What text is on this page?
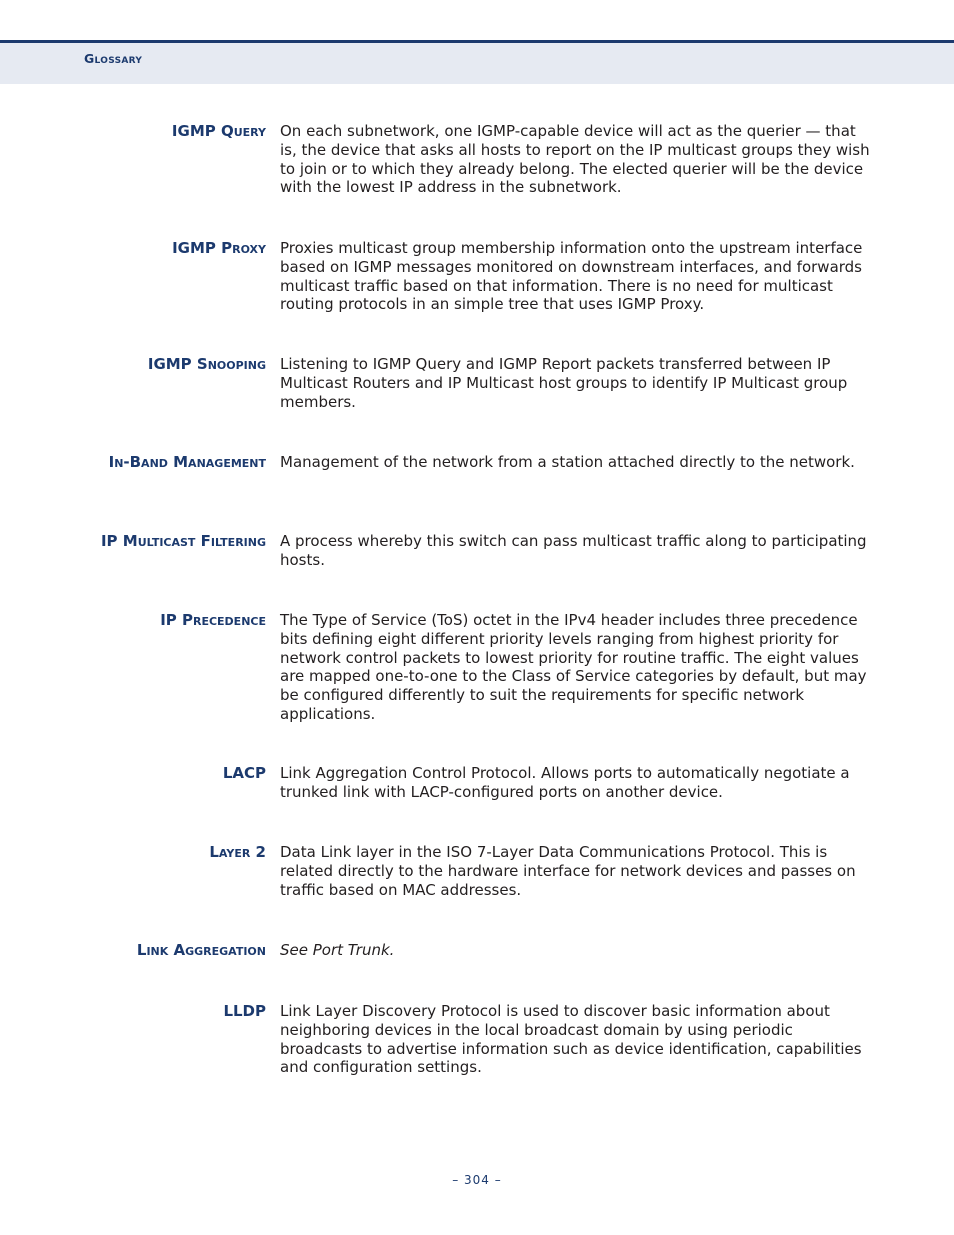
Glossary
IGMP Query On each subnetwork, one IGMP-capable device will act as the querier — that is, the device that asks all hosts to report on the IP multicast groups they wish to join or to which they already belong. The elected querier will be the device with the lowest IP address in the subnetwork.
IGMP Proxy Proxies multicast group membership information onto the upstream interface based on IGMP messages monitored on downstream interfaces, and forwards multicast traffic based on that information. There is no need for multicast routing protocols in an simple tree that uses IGMP Proxy.
IGMP Snooping Listening to IGMP Query and IGMP Report packets transferred between IP Multicast Routers and IP Multicast host groups to identify IP Multicast group members.
In-Band Management Management of the network from a station attached directly to the network.
IP Multicast Filtering A process whereby this switch can pass multicast traffic along to participating hosts.
IP Precedence The Type of Service (ToS) octet in the IPv4 header includes three precedence bits defining eight different priority levels ranging from highest priority for network control packets to lowest priority for routine traffic. The eight values are mapped one-to-one to the Class of Service categories by default, but may be configured differently to suit the requirements for specific network applications.
LACP Link Aggregation Control Protocol. Allows ports to automatically negotiate a trunked link with LACP-configured ports on another device.
Layer 2 Data Link layer in the ISO 7-Layer Data Communications Protocol. This is related directly to the hardware interface for network devices and passes on traffic based on MAC addresses.
Link Aggregation See Port Trunk.
LLDP Link Layer Discovery Protocol is used to discover basic information about neighboring devices in the local broadcast domain by using periodic broadcasts to advertise information such as device identification, capabilities and configuration settings.
– 304 –
